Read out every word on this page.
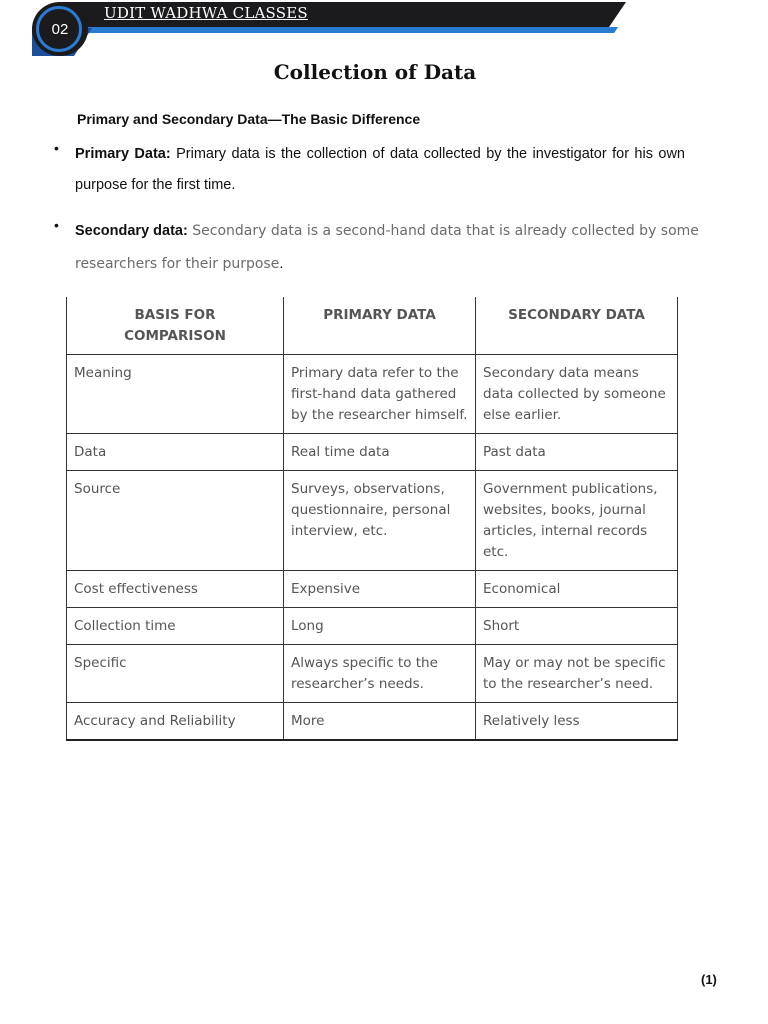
02
UDIT WADHWA CLASSES
Collection of Data
Primary and Secondary Data—The Basic Difference
• Primary Data: Primary data is the collection of data collected by the investigator for his own purpose for the first time.

• Secondary data: Secondary data is a second-hand data that is already collected by some researchers for their purpose.

BASIS FOR COMPARISON	PRIMARY DATA	SECONDARY DATA
Meaning	Primary data refer to the first-hand data gathered by the researcher himself.	Secondary data means data collected by someone else earlier.
Data	Real time data	Past data
Source	Surveys, observations, questionnaire, personal interview, etc.	Government publications, websites, books, journal articles, internal records etc.
Cost effectiveness	Expensive	Economical
Collection time	Long	Short
Specific	Always specific to the researcher’s needs.	May or may not be specific to the researcher’s need.
Accuracy and Reliability	More	Relatively less
(1)
